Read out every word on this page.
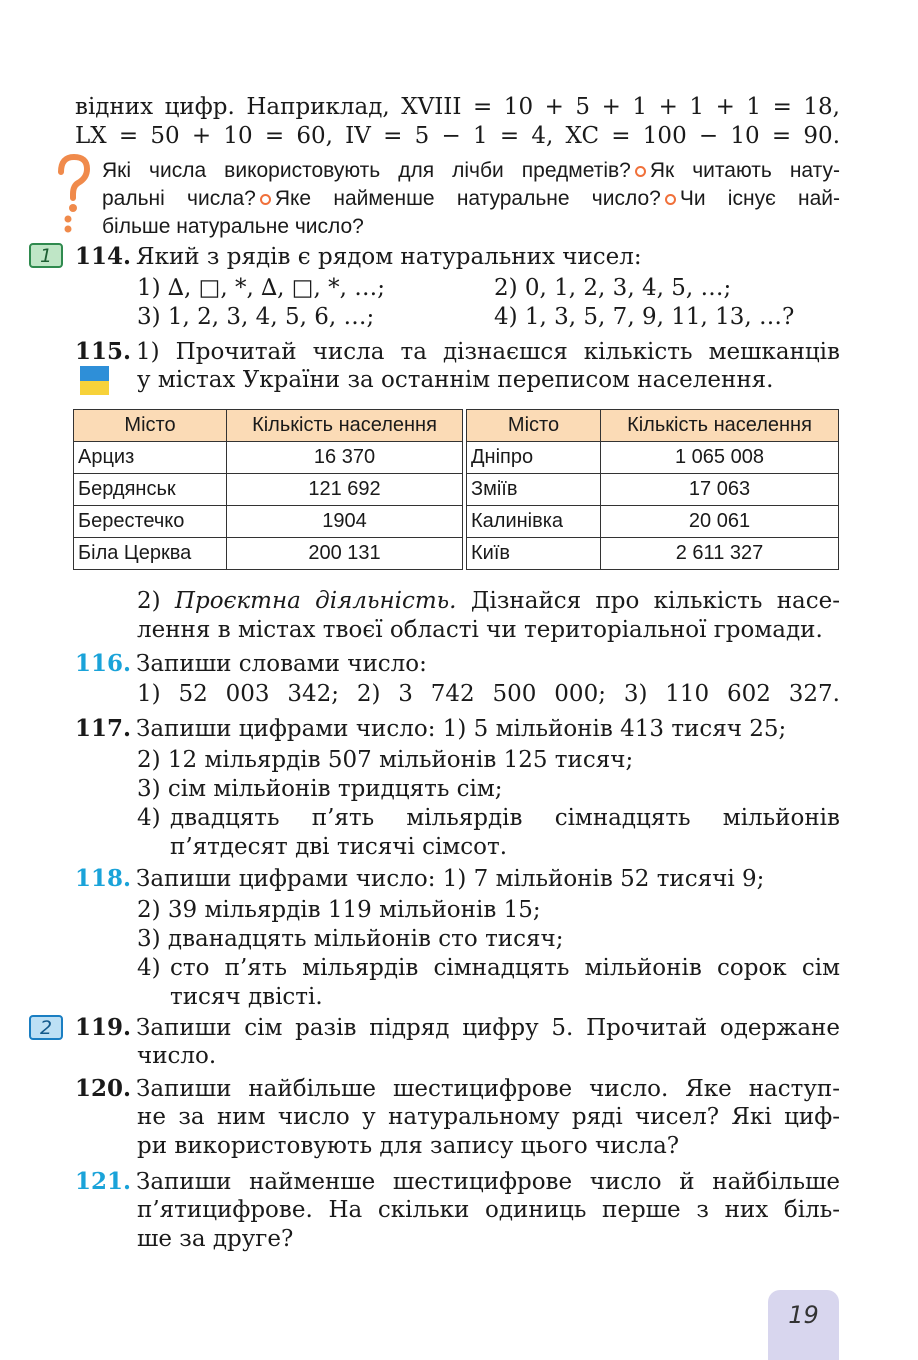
відних цифр. Наприклад, XVIII = 10 + 5 + 1 + 1 + 1 = 18,
LX = 50 + 10 = 60, IV = 5 − 1 = 4, XC = 100 − 10 = 90.
Які числа використовують для лічби предметів? Як читають нату-
ральні числа? Яке найменше натуральне число? Чи існує най-
більше натуральне число?
1 114. Який з рядів є рядом натуральних чисел:
1) ∆, □, *, ∆, □, *, …;	2) 0, 1, 2, 3, 4, 5, …;
3) 1, 2, 3, 4, 5, 6, …;	4) 1, 3, 5, 7, 9, 11, 13, …?
115. 1) Прочитай числа та дізнаєшся кількість мешканців
у містах України за останнім переписом населення.
Місто	Кількість населення
Арциз	16 370
Бердянськ	121 692
Берестечко	1904
Біла Церква	200 131
Місто	Кількість населення
Дніпро	1 065 008
Зміїв	17 063
Калинівка	20 061
Київ	2 611 327
2) Проєктна діяльність. Дізнайся про кількість насе-
лення в містах твоєї області чи територіальної громади.
116. Запиши словами число:
1) 52 003 342; 2) 3 742 500 000; 3) 110 602 327.
117. Запиши цифрами число: 1) 5 мільйонів 413 тисяч 25;
2) 12 мільярдів 507 мільйонів 125 тисяч;
3) сім мільйонів тридцять сім;
4) двадцять п’ять мільярдів сімнадцять мільйонів
п’ятдесят дві тисячі сімсот.
118. Запиши цифрами число: 1) 7 мільйонів 52 тисячі 9;
2) 39 мільярдів 119 мільйонів 15;
3) дванадцять мільйонів сто тисяч;
4) сто п’ять мільярдів сімнадцять мільйонів сорок сім
тисяч двісті.
2 119. Запиши сім разів підряд цифру 5. Прочитай одержане
число.
120. Запиши найбільше шестицифрове число. Яке наступ-
не за ним число у натуральному ряді чисел? Які циф-
ри використовують для запису цього числа?
121. Запиши найменше шестицифрове число й найбільше
п’ятицифрове. На скільки одиниць перше з них біль-
ше за друге?
19
